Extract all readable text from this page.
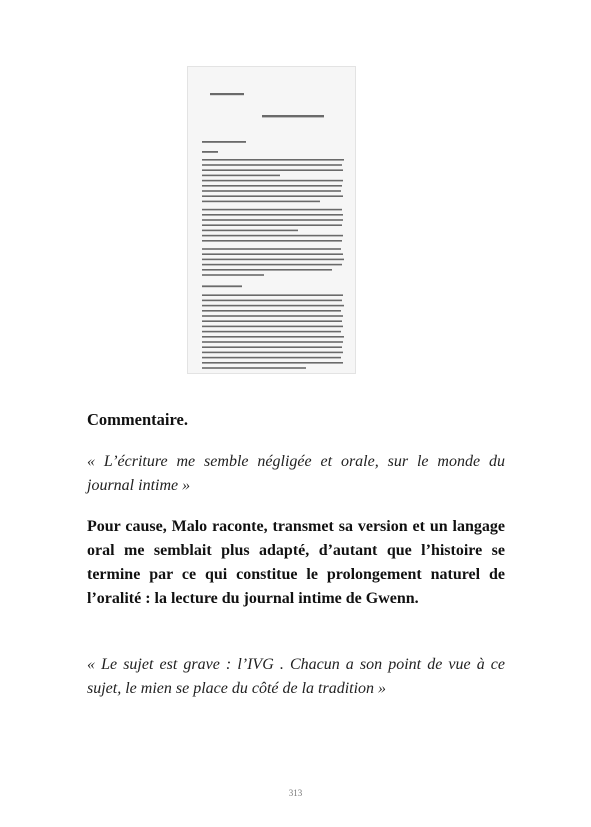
Commentaire.

« L’écriture me semble négligée et orale, sur le monde du journal intime »

Pour cause, Malo raconte, transmet sa version et un langage oral me semblait plus adapté, d’autant que l’histoire se termine par ce qui constitue le prolongement naturel de l’oralité : la lecture du journal intime de Gwenn.

« Le sujet est grave : l’IVG . Chacun a son point de vue à ce sujet, le mien se place du côté de la tradition »

313
